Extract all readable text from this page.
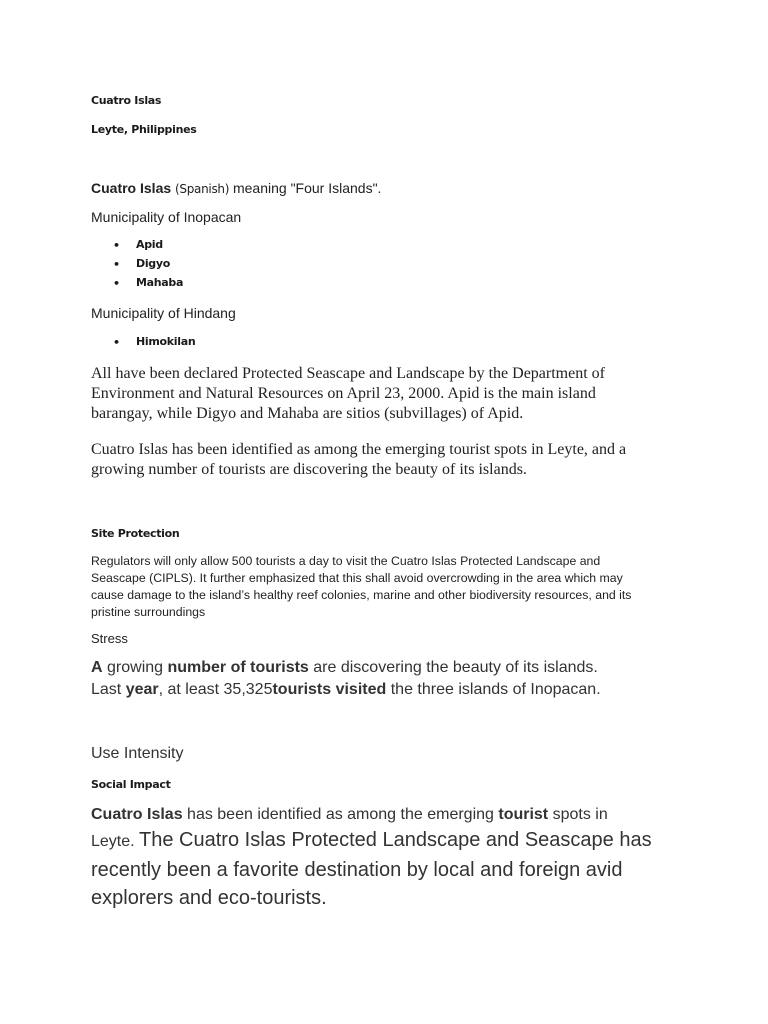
Cuatro Islas

Leyte, Philippines

Cuatro Islas (Spanish) meaning "Four Islands".

Municipality of Inopacan

• Apid
• Digyo
• Mahaba

Municipality of Hindang

• Himokilan
All have been declared Protected Seascape and Landscape by the Department of
Environment and Natural Resources on April 23, 2000. Apid is the main island
barangay, while Digyo and Mahaba are sitios (subvillages) of Apid.
Cuatro Islas has been identified as among the emerging tourist spots in Leyte, and a
growing number of tourists are discovering the beauty of its islands.

Site Protection

Regulators will only allow 500 tourists a day to visit the Cuatro Islas Protected Landscape and
Seascape (CIPLS). It further emphasized that this shall avoid overcrowding in the area which may
cause damage to the island’s healthy reef colonies, marine and other biodiversity resources, and its
pristine surroundings

Stress

A growing number of tourists are discovering the beauty of its islands.
Last year, at least 35,325tourists visited the three islands of Inopacan.

Use Intensity

Social Impact

Cuatro Islas has been identified as among the emerging tourist spots in
Leyte. The Cuatro Islas Protected Landscape and Seascape has
recently been a favorite destination by local and foreign avid
explorers and eco-tourists.
